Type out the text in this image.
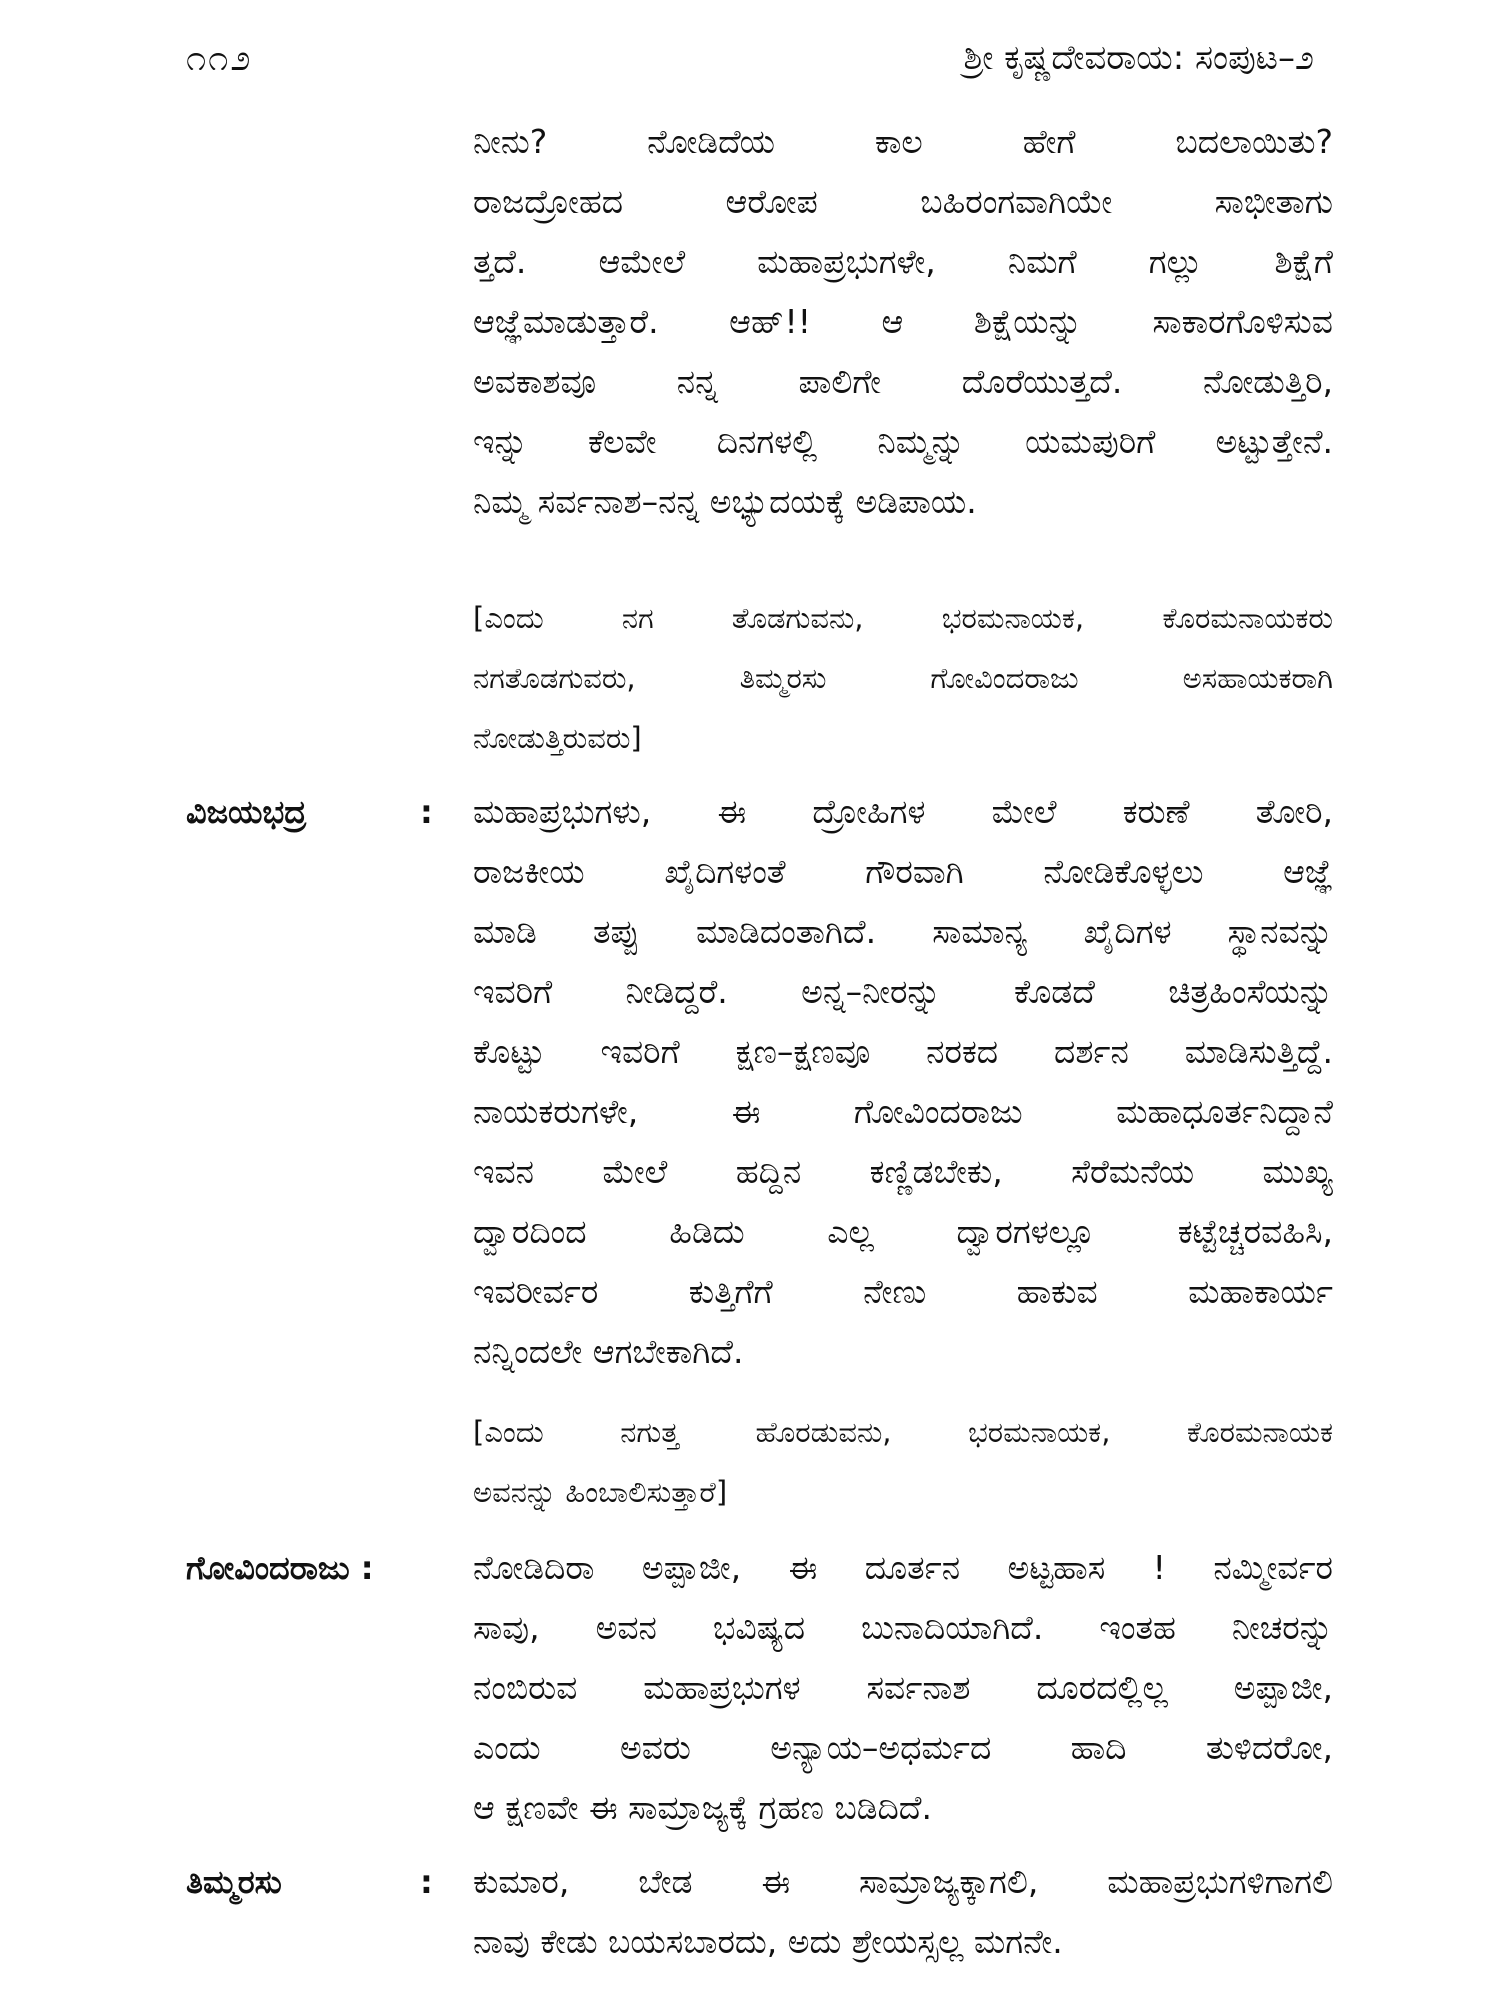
೧೧೨	ಶ್ರೀ ಕೃಷ್ಣದೇವರಾಯ: ಸಂಪುಟ–೨
ನೀನು? ನೋಡಿದೆಯ ಕಾಲ ಹೇಗೆ ಬದಲಾಯಿತು?
ರಾಜದ್ರೋಹದ ಆರೋಪ ಬಹಿರಂಗವಾಗಿಯೇ ಸಾಭೀತಾಗು
ತ್ತದೆ. ಆಮೇಲೆ ಮಹಾಪ್ರಭುಗಳೇ, ನಿಮಗೆ ಗಲ್ಲು ಶಿಕ್ಷೆಗೆ
ಆಜ್ಞೆಮಾಡುತ್ತಾರೆ. ಆಹ್!! ಆ ಶಿಕ್ಷೆಯನ್ನು ಸಾಕಾರಗೊಳಿಸುವ
ಅವಕಾಶವೂ ನನ್ನ ಪಾಲಿಗೇ ದೊರೆಯುತ್ತದೆ. ನೋಡುತ್ತಿರಿ,
ಇನ್ನು ಕೆಲವೇ ದಿನಗಳಲ್ಲಿ ನಿಮ್ಮನ್ನು ಯಮಪುರಿಗೆ ಅಟ್ಟುತ್ತೇನೆ.
ನಿಮ್ಮ ಸರ್ವನಾಶ–ನನ್ನ ಅಭ್ಯುದಯಕ್ಕೆ ಅಡಿಪಾಯ.
[ಎಂದು ನಗ ತೊಡಗುವನು, ಭರಮನಾಯಕ, ಕೊರಮನಾಯಕರು
ನಗತೊಡಗುವರು, ತಿಮ್ಮರಸು ಗೋವಿಂದರಾಜು ಅಸಹಾಯಕರಾಗಿ
ನೋಡುತ್ತಿರುವರು]
ವಿಜಯಭದ್ರ	: ಮಹಾಪ್ರಭುಗಳು, ಈ ದ್ರೋಹಿಗಳ ಮೇಲೆ ಕರುಣೆ ತೋರಿ,
ರಾಜಕೀಯ ಖೈದಿಗಳಂತೆ ಗೌರವಾಗಿ ನೋಡಿಕೊಳ್ಳಲು ಆಜ್ಞೆ
ಮಾಡಿ ತಪ್ಪು ಮಾಡಿದಂತಾಗಿದೆ. ಸಾಮಾನ್ಯ ಖೈದಿಗಳ ಸ್ಥಾನವನ್ನು
ಇವರಿಗೆ ನೀಡಿದ್ದರೆ. ಅನ್ನ–ನೀರನ್ನು ಕೊಡದೆ ಚಿತ್ರಹಿಂಸೆಯನ್ನು
ಕೊಟ್ಟು ಇವರಿಗೆ ಕ್ಷಣ–ಕ್ಷಣವೂ ನರಕದ ದರ್ಶನ ಮಾಡಿಸುತ್ತಿದ್ದೆ.
ನಾಯಕರುಗಳೇ, ಈ ಗೋವಿಂದರಾಜು ಮಹಾಧೂರ್ತನಿದ್ದಾನೆ
ಇವನ ಮೇಲೆ ಹದ್ದಿನ ಕಣ್ಣಿಡಬೇಕು, ಸೆರೆಮನೆಯ ಮುಖ್ಯ
ದ್ವಾರದಿಂದ ಹಿಡಿದು ಎಲ್ಲ ದ್ವಾರಗಳಲ್ಲೂ ಕಟ್ಟೆಚ್ಚರವಹಿಸಿ,
ಇವರೀರ್ವರ ಕುತ್ತಿಗೆಗೆ ನೇಣು ಹಾಕುವ ಮಹಾಕಾರ್ಯ
ನನ್ನಿಂದಲೇ ಆಗಬೇಕಾಗಿದೆ.
[ಎಂದು ನಗುತ್ತ ಹೊರಡುವನು, ಭರಮನಾಯಕ, ಕೊರಮನಾಯಕ
ಅವನನ್ನು ಹಿಂಬಾಲಿಸುತ್ತಾರೆ]
ಗೋವಿಂದರಾಜು :	ನೋಡಿದಿರಾ ಅಪ್ಪಾಜೀ, ಈ ದೂರ್ತನ ಅಟ್ಟಹಾಸ ! ನಮ್ಮೀರ್ವರ
ಸಾವು, ಅವನ ಭವಿಷ್ಯದ ಬುನಾದಿಯಾಗಿದೆ. ಇಂತಹ ನೀಚರನ್ನು
ನಂಬಿರುವ ಮಹಾಪ್ರಭುಗಳ ಸರ್ವನಾಶ ದೂರದಲ್ಲಿಲ್ಲ ಅಪ್ಪಾಜೀ,
ಎಂದು ಅವರು ಅನ್ಯಾಯ–ಅಧರ್ಮದ ಹಾದಿ ತುಳಿದರೋ,
ಆ ಕ್ಷಣವೇ ಈ ಸಾಮ್ರಾಜ್ಯಕ್ಕೆ ಗ್ರಹಣ ಬಡಿದಿದೆ.
ತಿಮ್ಮರಸು	: ಕುಮಾರ, ಬೇಡ ಈ ಸಾಮ್ರಾಜ್ಯಕ್ಕಾಗಲಿ, ಮಹಾಪ್ರಭುಗಳಿಗಾಗಲಿ
ನಾವು ಕೇಡು ಬಯಸಬಾರದು, ಅದು ಶ್ರೇಯಸ್ಸಲ್ಲ ಮಗನೇ.
